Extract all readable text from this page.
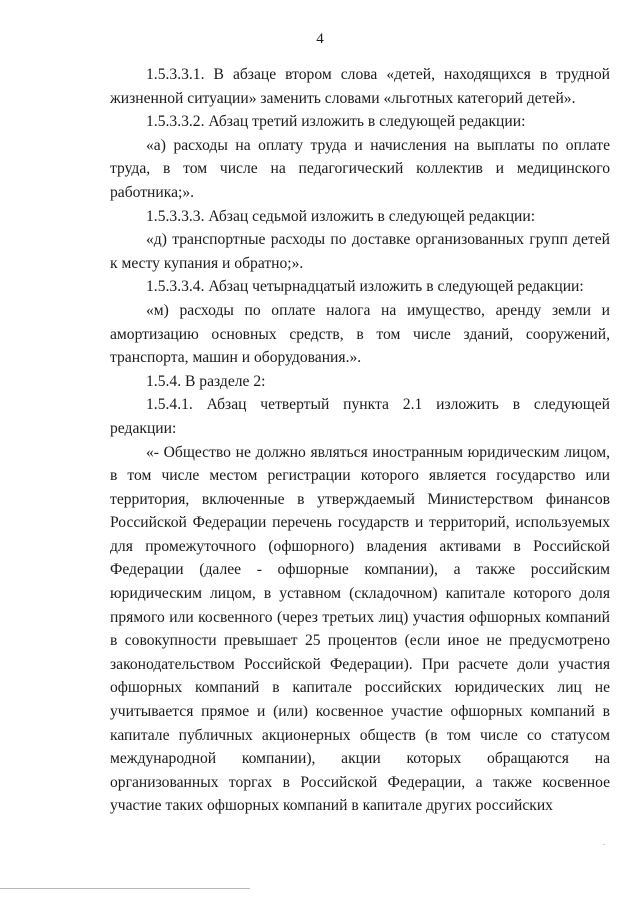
4

1.5.3.3.1. В абзаце втором слова «детей, находящихся в трудной жизненной ситуации» заменить словами «льготных категорий детей».

1.5.3.3.2. Абзац третий изложить в следующей редакции:

«а) расходы на оплату труда и начисления на выплаты по оплате труда, в том числе на педагогический коллектив и медицинского работника;».

1.5.3.3.3. Абзац седьмой изложить в следующей редакции:

«д) транспортные расходы по доставке организованных групп детей к месту купания и обратно;».

1.5.3.3.4. Абзац четырнадцатый изложить в следующей редакции:

«м) расходы по оплате налога на имущество, аренду земли и амортизацию основных средств, в том числе зданий, сооружений, транспорта, машин и оборудования.».

1.5.4. В разделе 2:

1.5.4.1. Абзац четвертый пункта 2.1 изложить в следующей редакции:

«- Общество не должно являться иностранным юридическим лицом, в том числе местом регистрации которого является государство или территория, включенные в утверждаемый Министерством финансов Российской Федерации перечень государств и территорий, используемых для промежуточного (офшорного) владения активами в Российской Федерации (далее - офшорные компании), а также российским юридическим лицом, в уставном (складочном) капитале которого доля прямого или косвенного (через третьих лиц) участия офшорных компаний в совокупности превышает 25 процентов (если иное не предусмотрено законодательством Российской Федерации). При расчете доли участия офшорных компаний в капитале российских юридических лиц не учитывается прямое и (или) косвенное участие офшорных компаний в капитале публичных акционерных обществ (в том числе со статусом международной компании), акции которых обращаются на организованных торгах в Российской Федерации, а также косвенное участие таких офшорных компаний в капитале других российских
